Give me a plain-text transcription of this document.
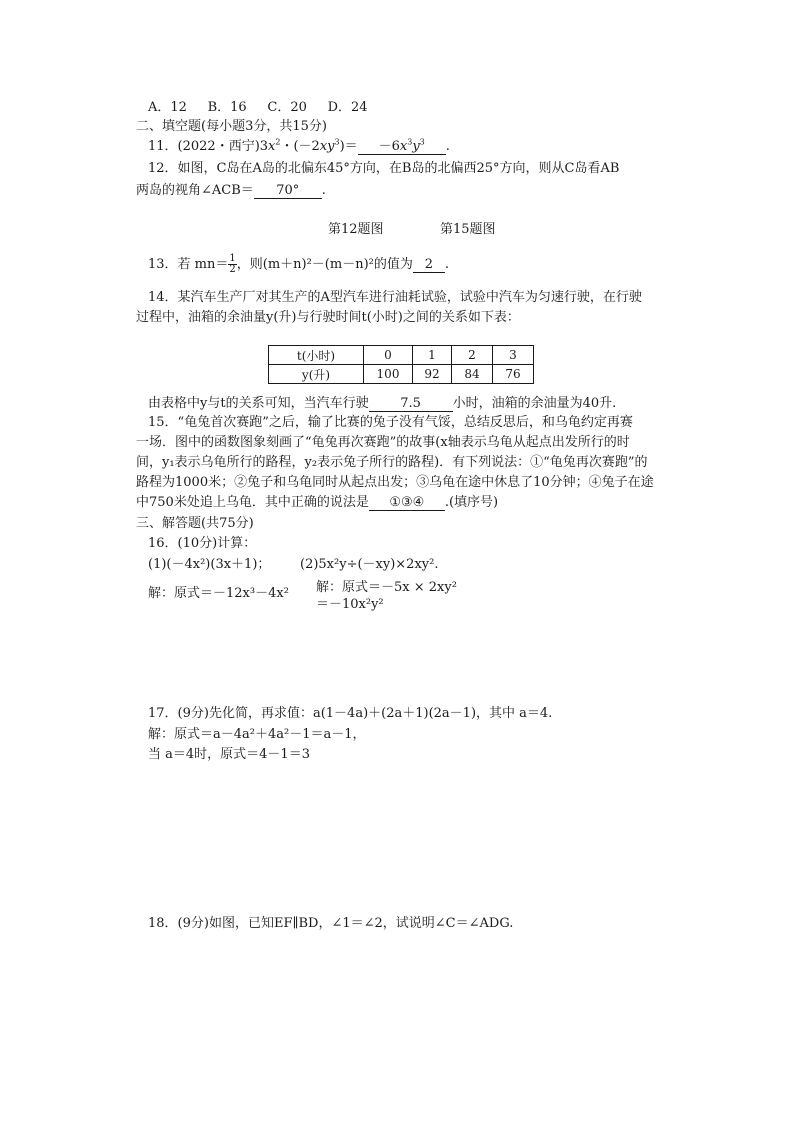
A．12 B．16 C．20 D．24
二、填空题(每小题3分，共15分)
11．(2022・西宁)$3x^2$・$(-2xy^3)= -6x^3y^3$ .
12．如图，C岛在A岛的北偏东45°方向，在B岛的北偏西25°方向，则从C岛看AB
两岛的视角∠ACB＝ 70° .
第12题图	第15题图
13．若 $mn= \frac{1}{2}$ ，则(m＋n)²－(m－n)²的值为 2 .
14．某汽车生产厂对其生产的A型汽车进行油耗试验，试验中汽车为匀速行驶，在行驶
过程中，油箱的余油量y(升)与行驶时间t(小时)之间的关系如下表：
t(小时)	0	1	2	3
y(升)	100	92	84	76
由表格中y与t的关系可知，当汽车行驶 7.5 小时，油箱的余油量为40升.
15．“龟兔首次赛跑”之后，输了比赛的兔子没有气馁，总结反思后，和乌龟约定再赛
一场．图中的函数图象刻画了“龟兔再次赛跑”的故事(x轴表示乌龟从起点出发所行的时
间，y₁表示乌龟所行的路程，y₂表示兔子所行的路程)．有下列说法：①“龟兔再次赛跑”的
路程为1000米；②兔子和乌龟同时从起点出发；③乌龟在途中休息了10分钟；④兔子在途
中750米处追上乌龟．其中正确的说法是 ①③④ .(填序号)
三、解答题(共75分)
16．(10分)计算：
(1)(－4x²)(3x＋1)； (2)5x²y÷(－xy)×2xy².
解：原式＝－12x³－4x² 解：原式＝－5x × 2xy²
＝－10x²y²
17．(9分)先化简，再求值：a(1－4a)＋(2a＋1)(2a－1)，其中 a＝4.
解：原式＝a－4a²＋4a²－1＝a－1，
当 a＝4时，原式＝4－1＝3
18．(9分)如图，已知EF∥BD，∠1＝∠2，试说明∠C＝∠ADG.
